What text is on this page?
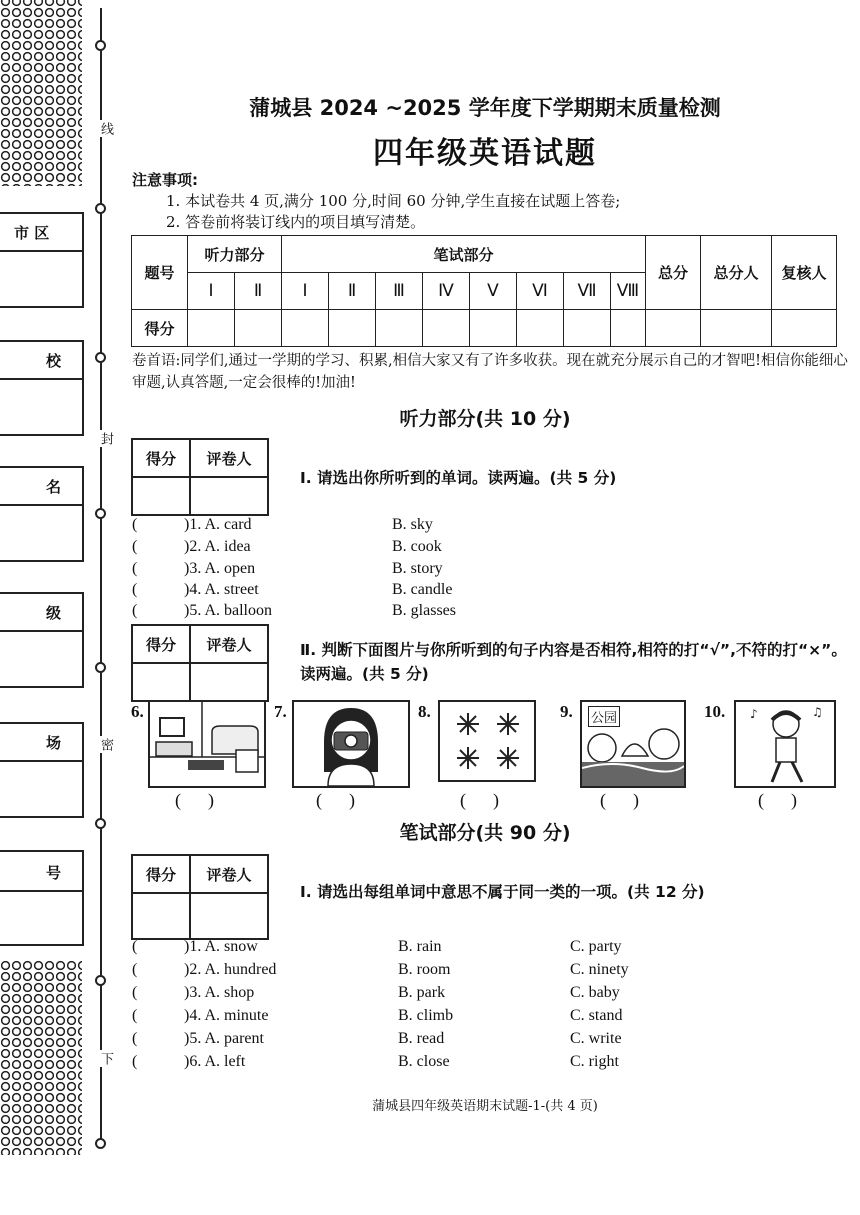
市 区
校
名
级
场
号
线
封
密
下
蒲城县 2024 ~2025 学年度下学期期末质量检测
四年级英语试题
注意事项:
1. 本试卷共 4 页,满分 100 分,时间 60 分钟,学生直接在试题上答卷;
2. 答卷前将装订线内的项目填写清楚。
题号	听力部分		笔试部分								总分	总分人	复核人
	Ⅰ	Ⅱ	Ⅰ	Ⅱ	Ⅲ	Ⅳ	Ⅴ	Ⅵ	Ⅶ	Ⅷ			
得分													
卷首语:同学们,通过一学期的学习、积累,相信大家又有了许多收获。现在就充分展示自己的才智吧!相信你能细心审题,认真答题,一定会很棒的!加油!
听力部分(共 10 分)
得分	评卷人

Ⅰ. 请选出你所听到的单词。读两遍。(共 5 分)
(	)1. A. card	B. sky
(	)2. A. idea	B. cook
(	)3. A. open	B. story
(	)4. A. street	B. candle
(	)5. A. balloon	B. glasses
得分	评卷人
		Ⅱ. 判断下面图片与你所听到的句子内容是否相符,相符的打“√”,不符的打“×”。读两遍。(共 5 分)
6.	7.	8.	9. 公园	10. ♪	♫
(      )	(      )	(      )	(      )	(      )
笔试部分(共 90 分)
得分	评卷人

Ⅰ. 请选出每组单词中意思不属于同一类的一项。(共 12 分)
(	)1. A. snow	B. rain	C. party
(	)2. A. hundred	B. room	C. ninety
(	)3. A. shop	B. park	C. baby
(	)4. A. minute	B. climb	C. stand
(	)5. A. parent	B. read	C. write
(	)6. A. left	B. close	C. right
蒲城县四年级英语期末试题-1-(共 4 页)
